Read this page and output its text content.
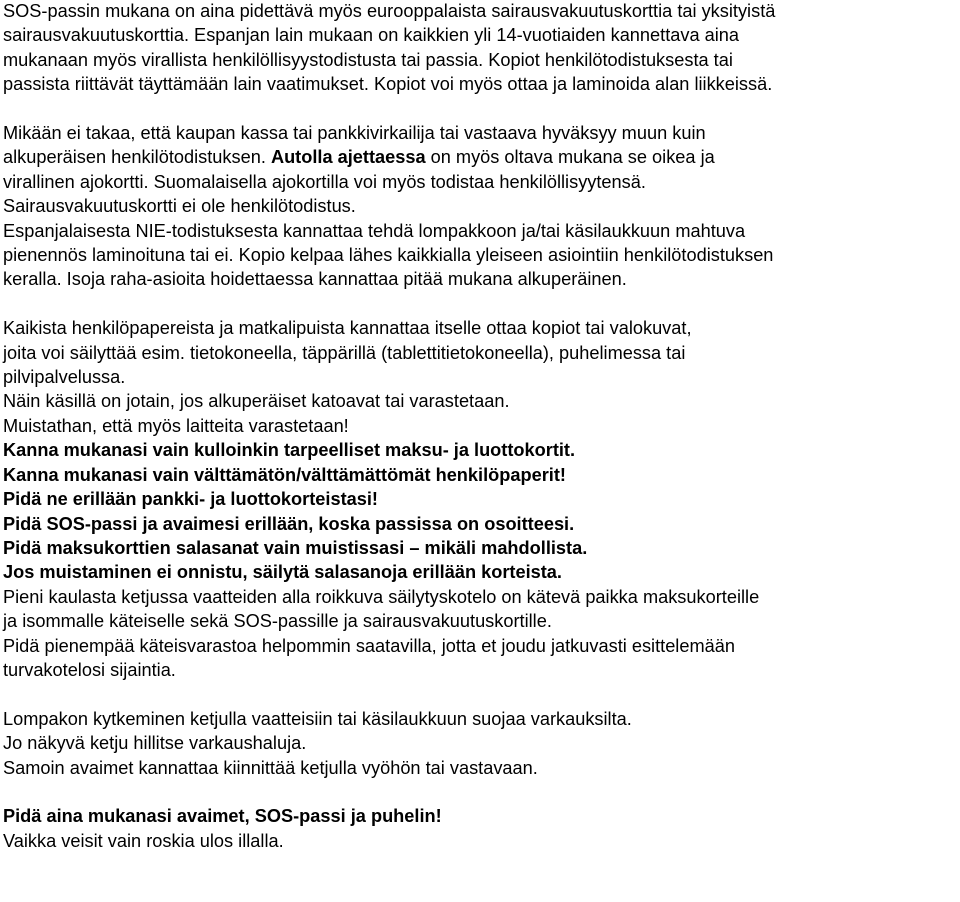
SOS-passin mukana on aina pidettävä myös eurooppalaista sairausvakuutuskorttia tai yksityistä
sairausvakuutuskorttia. Espanjan lain mukaan on kaikkien yli 14-vuotiaiden kannettava aina
mukanaan myös virallista henkilöllisyystodistusta tai passia. Kopiot henkilötodistuksesta tai
passista riittävät täyttämään lain vaatimukset. Kopiot voi myös ottaa ja laminoida alan liikkeissä.
Mikään ei takaa, että kaupan kassa tai pankkivirkailija tai vastaava hyväksyy muun kuin
alkuperäisen henkilötodistuksen. Autolla ajettaessa on myös oltava mukana se oikea ja
virallinen ajokortti. Suomalaisella ajokortilla voi myös todistaa henkilöllisyytensä.
Sairausvakuutuskortti ei ole henkilötodistus.
Espanjalaisesta NIE-todistuksesta kannattaa tehdä lompakkoon ja/tai käsilaukkuun mahtuva
pienennös laminoituna tai ei. Kopio kelpaa lähes kaikkialla yleiseen asiointiin henkilötodistuksen
keralla. Isoja raha-asioita hoidettaessa kannattaa pitää mukana alkuperäinen.
Kaikista henkilöpapereista ja matkalipuista kannattaa itselle ottaa kopiot tai valokuvat,
joita voi säilyttää esim. tietokoneella, täppärillä (tablettitietokoneella), puhelimessa tai
pilvipalvelussa.
Näin käsillä on jotain, jos alkuperäiset katoavat tai varastetaan.
Muistathan, että myös laitteita varastetaan!
Kanna mukanasi vain kulloinkin tarpeelliset maksu- ja luottokortit.
Kanna mukanasi vain välttämätön/välttämättömät henkilöpaperit!
Pidä ne erillään pankki- ja luottokorteistasi!
Pidä SOS-passi ja avaimesi erillään, koska passissa on osoitteesi.
Pidä maksukorttien salasanat vain muistissasi – mikäli mahdollista.
Jos muistaminen ei onnistu, säilytä salasanoja erillään korteista.
Pieni kaulasta ketjussa vaatteiden alla roikkuva säilytyskotelo on kätevä paikka maksukorteille
ja isommalle käteiselle sekä SOS-passille ja sairausvakuutuskortille.
Pidä pienempää käteisvarastoa helpommin saatavilla, jotta et joudu jatkuvasti esittelemään
turvakotelosi sijaintia.
Lompakon kytkeminen ketjulla vaatteisiin tai käsilaukkuun suojaa varkauksilta.
Jo näkyvä ketju hillitse varkaushaluja.
Samoin avaimet kannattaa kiinnittää ketjulla vyöhön tai vastavaan.
Pidä aina mukanasi avaimet, SOS-passi ja puhelin!
Vaikka veisit vain roskia ulos illalla.
